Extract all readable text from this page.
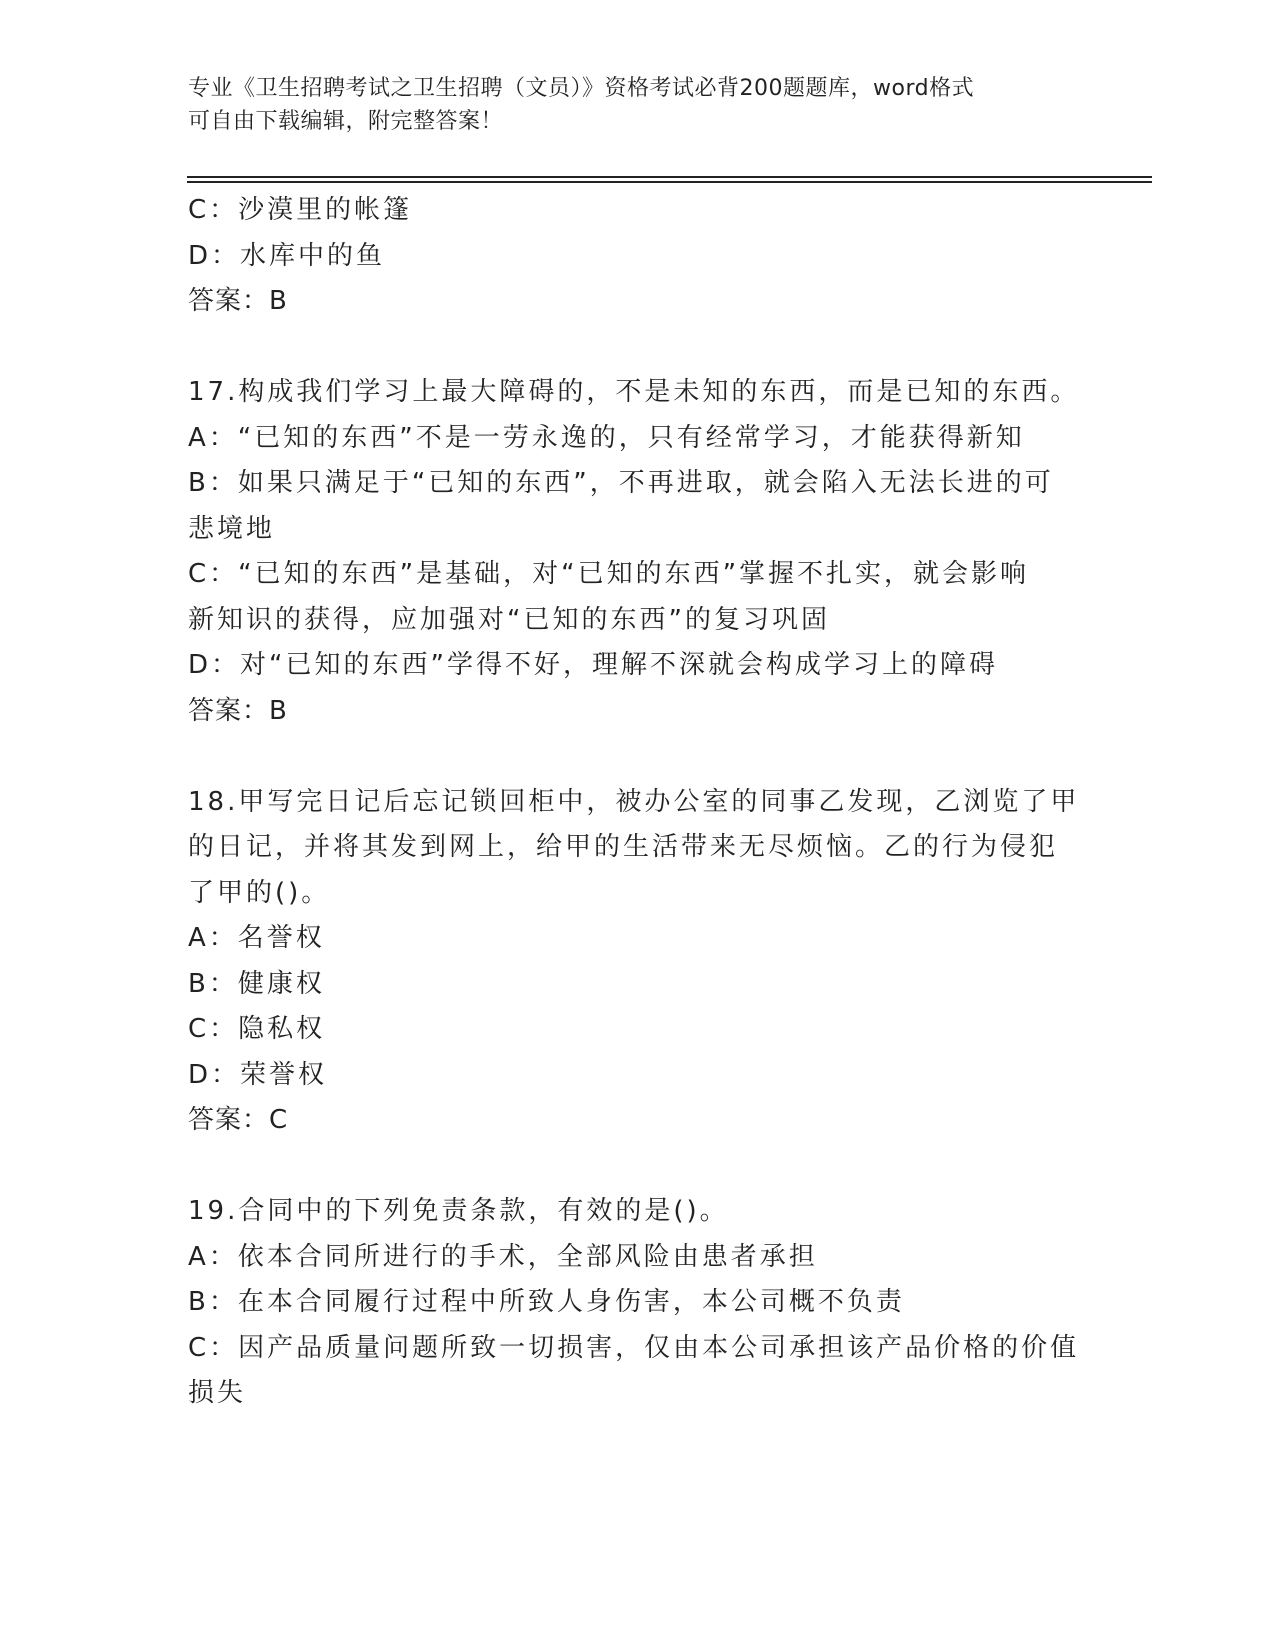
专业《卫生招聘考试之卫生招聘（文员）》资格考试必背200题题库，word格式
可自由下载编辑，附完整答案！
C：沙漠里的帐篷
D：水库中的鱼
答案：B
17.构成我们学习上最大障碍的，不是未知的东西，而是已知的东西。
A：“已知的东西”不是一劳永逸的，只有经常学习，才能获得新知
B：如果只满足于“已知的东西”，不再进取，就会陷入无法长进的可
悲境地
C：“已知的东西”是基础，对“已知的东西”掌握不扎实，就会影响
新知识的获得，应加强对“已知的东西”的复习巩固
D：对“已知的东西”学得不好，理解不深就会构成学习上的障碍
答案：B
18.甲写完日记后忘记锁回柜中，被办公室的同事乙发现，乙浏览了甲
的日记，并将其发到网上，给甲的生活带来无尽烦恼。乙的行为侵犯
了甲的()。
A：名誉权
B：健康权
C：隐私权
D：荣誉权
答案：C
19.合同中的下列免责条款，有效的是()。
A：依本合同所进行的手术，全部风险由患者承担
B：在本合同履行过程中所致人身伤害，本公司概不负责
C：因产品质量问题所致一切损害，仅由本公司承担该产品价格的价值
损失
